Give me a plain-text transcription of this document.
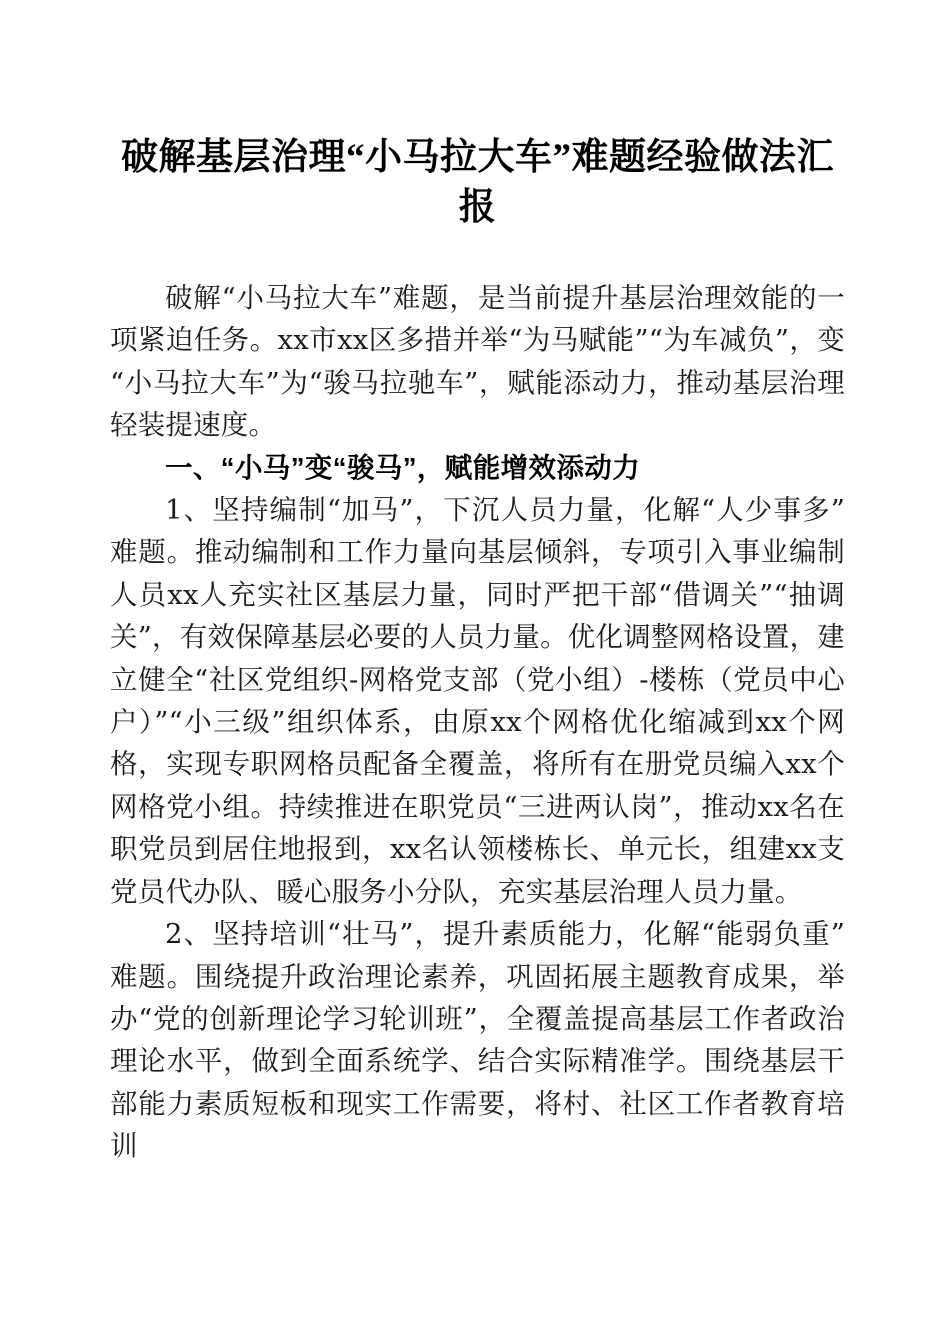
破解基层治理“小马拉大车”难题经验做法汇报

破解“小马拉大车”难题，是当前提升基层治理效能的一项紧迫任务。xx市xx区多措并举“为马赋能”“为车减负”，变“小马拉大车”为“骏马拉驰车”，赋能添动力，推动基层治理轻装提速度。

一、“小马”变“骏马”，赋能增效添动力

1、坚持编制“加马”，下沉人员力量，化解“人少事多”难题。推动编制和工作力量向基层倾斜，专项引入事业编制人员xx人充实社区基层力量，同时严把干部“借调关”“抽调关”，有效保障基层必要的人员力量。优化调整网格设置，建立健全“社区党组织-网格党支部（党小组）-楼栋（党员中心户）”“小三级”组织体系，由原xx个网格优化缩减到xx个网格，实现专职网格员配备全覆盖，将所有在册党员编入xx个网格党小组。持续推进在职党员“三进两认岗”，推动xx名在职党员到居住地报到，xx名认领楼栋长、单元长，组建xx支党员代办队、暖心服务小分队，充实基层治理人员力量。

2、坚持培训“壮马”，提升素质能力，化解“能弱负重”难题。围绕提升政治理论素养，巩固拓展主题教育成果，举办“党的创新理论学习轮训班”，全覆盖提高基层工作者政治理论水平，做到全面系统学、结合实际精准学。围绕基层干部能力素质短板和现实工作需要，将村、社区工作者教育培训
